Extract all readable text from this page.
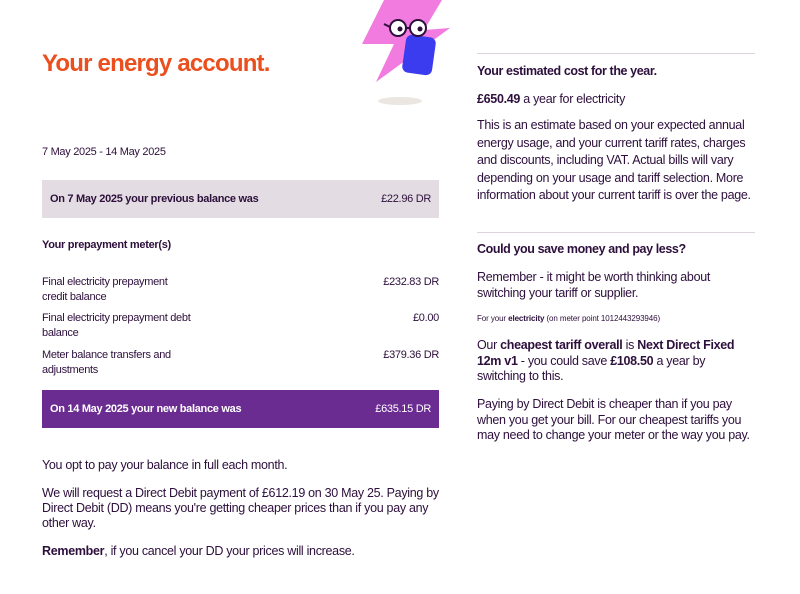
Your energy account.
7 May 2025 - 14 May 2025
On 7 May 2025 your previous balance was	£22.96 DR
Your prepayment meter(s)
Final electricity prepayment credit balance
£232.83 DR
Final electricity prepayment debt balance
£0.00
Meter balance transfers and adjustments
£379.36 DR
On 14 May 2025 your new balance was	£635.15 DR

You opt to pay your balance in full each month.

We will request a Direct Debit payment of £612.19 on 30 May 25. Paying by Direct Debit (DD) means you're getting cheaper prices than if you pay any other way.

Remember, if you cancel your DD your prices will increase.

Your estimated cost for the year.
£650.49 a year for electricity
This is an estimate based on your expected annual energy usage, and your current tariff rates, charges and discounts, including VAT. Actual bills will vary depending on your usage and tariff selection. More information about your current tariff is over the page.
Could you save money and pay less?
Remember - it might be worth thinking about switching your tariff or supplier.
For your electricity (on meter point 1012443293946)
Our cheapest tariff overall is Next Direct Fixed 12m v1 - you could save £108.50 a year by switching to this.
Paying by Direct Debit is cheaper than if you pay when you get your bill. For our cheapest tariffs you may need to change your meter or the way you pay.
